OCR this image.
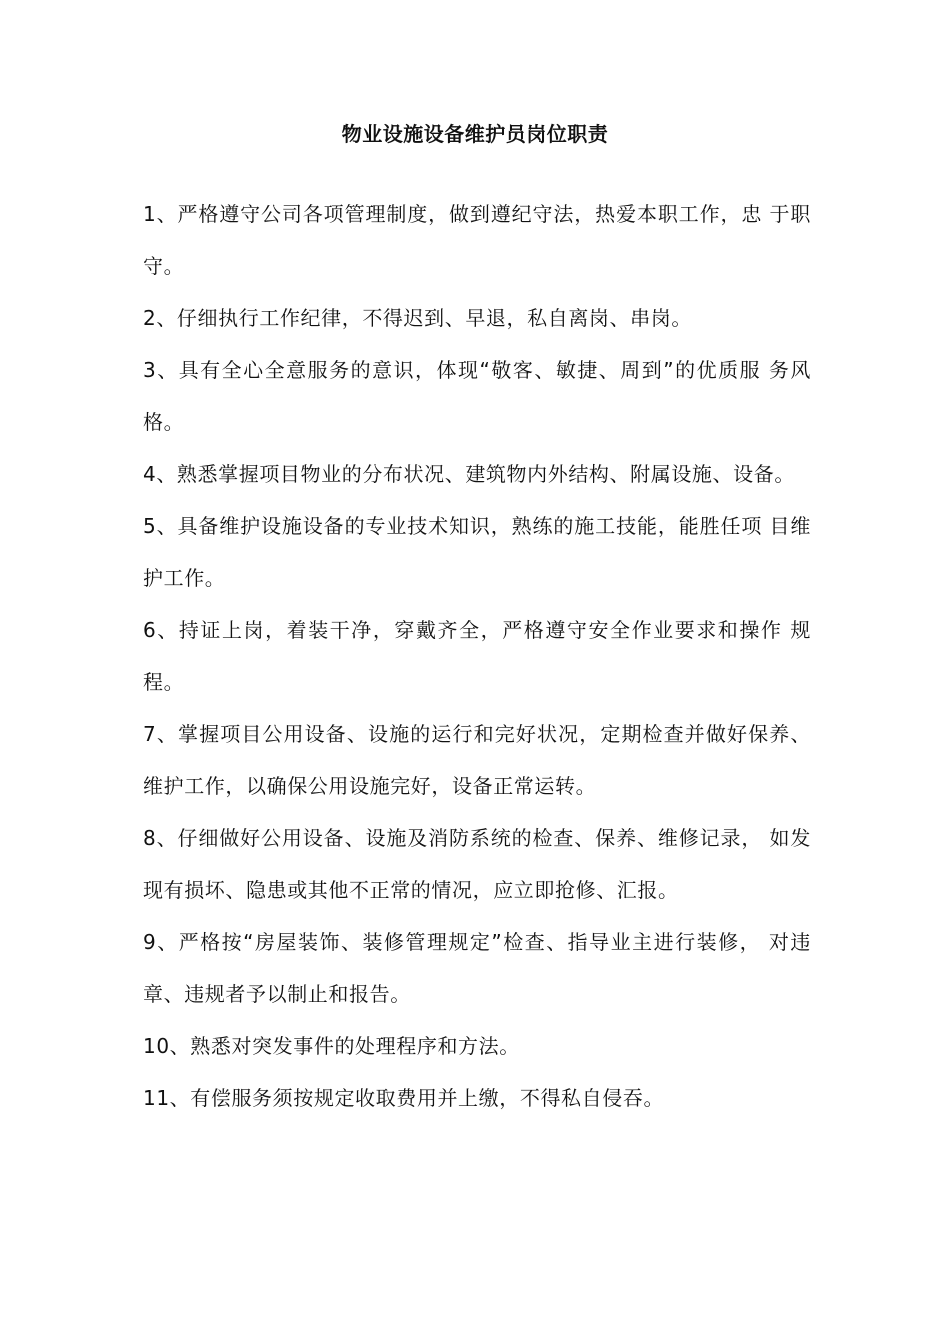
物业设施设备维护员岗位职责
1、严格遵守公司各项管理制度，做到遵纪守法，热爱本职工作，忠 于职守。
2、仔细执行工作纪律，不得迟到、早退，私自离岗、串岗。
3、具有全心全意服务的意识，体现“敬客、敏捷、周到”的优质服 务风格。
4、熟悉掌握项目物业的分布状况、建筑物内外结构、附属设施、设备。
5、具备维护设施设备的专业技术知识，熟练的施工技能，能胜任项 目维护工作。
6、持证上岗，着装干净，穿戴齐全，严格遵守安全作业要求和操作 规程。
7、掌握项目公用设备、设施的运行和完好状况，定期检查并做好保养、维护工作，以确保公用设施完好，设备正常运转。
8、仔细做好公用设备、设施及消防系统的检查、保养、维修记录， 如发现有损坏、隐患或其他不正常的情况，应立即抢修、汇报。
9、严格按“房屋装饰、装修管理规定”检查、指导业主进行装修， 对违章、违规者予以制止和报告。
10、熟悉对突发事件的处理程序和方法。
11、有偿服务须按规定收取费用并上缴，不得私自侵吞。
